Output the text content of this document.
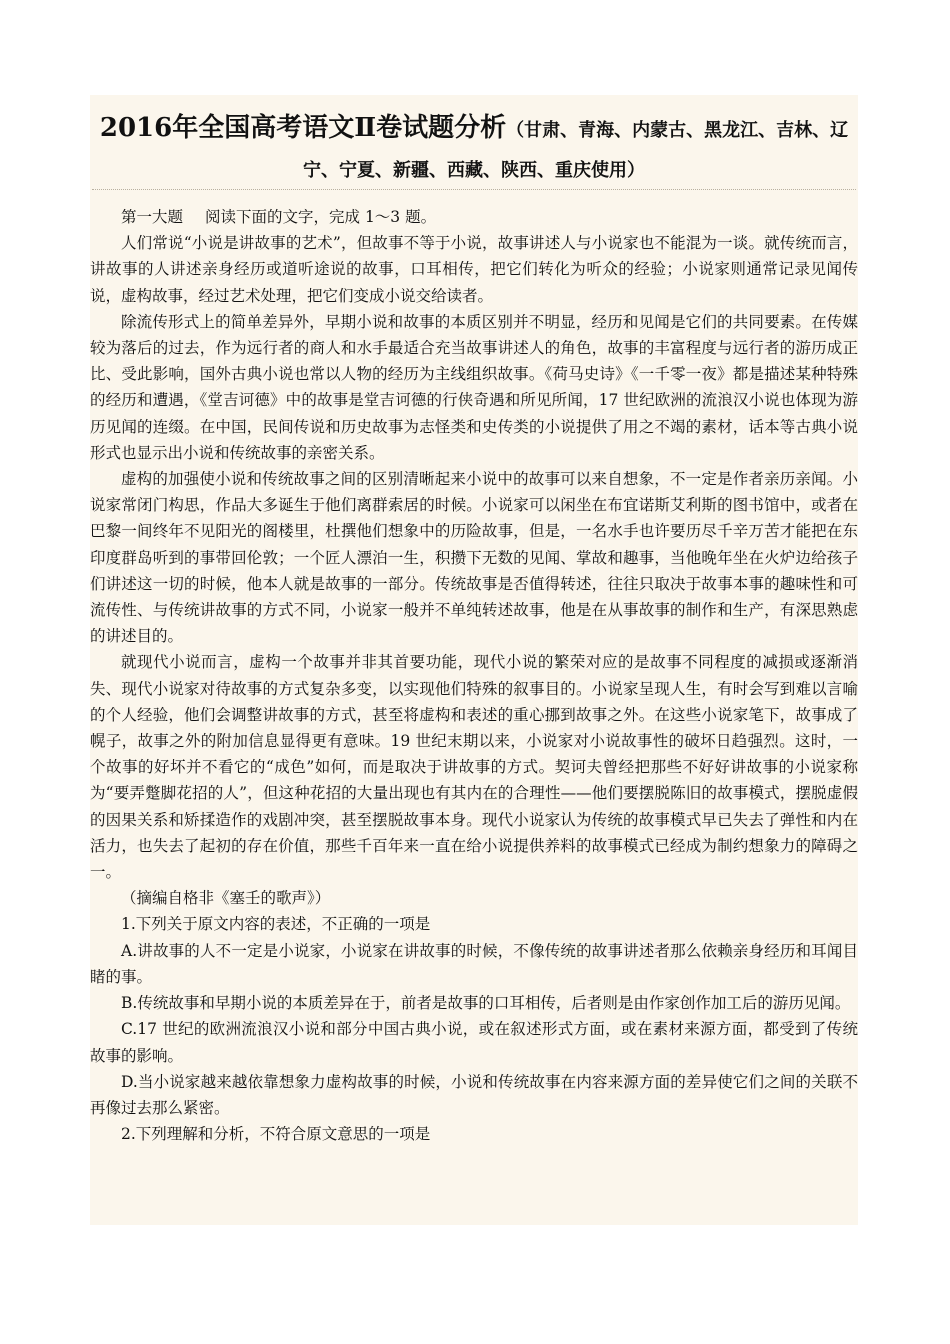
2016年全国高考语文Ⅱ卷试题分析（甘肃、青海、内蒙古、黑龙江、吉林、辽宁、宁夏、新疆、西藏、陕西、重庆使用）

第一大题 阅读下面的文字，完成 1～3 题。

人们常说“小说是讲故事的艺术”，但故事不等于小说，故事讲述人与小说家也不能混为一谈。就传统而言，讲故事的人讲述亲身经历或道听途说的故事，口耳相传，把它们转化为听众的经验；小说家则通常记录见闻传说，虚构故事，经过艺术处理，把它们变成小说交给读者。

除流传形式上的简单差异外，早期小说和故事的本质区别并不明显，经历和见闻是它们的共同要素。在传媒较为落后的过去，作为远行者的商人和水手最适合充当故事讲述人的角色，故事的丰富程度与远行者的游历成正比、受此影响，国外古典小说也常以人物的经历为主线组织故事。《荷马史诗》《一千零一夜》都是描述某种特殊的经历和遭遇，《堂吉诃德》中的故事是堂吉诃德的行侠奇遇和所见所闻，17 世纪欧洲的流浪汉小说也体现为游历见闻的连缀。在中国，民间传说和历史故事为志怪类和史传类的小说提供了用之不竭的素材，话本等古典小说形式也显示出小说和传统故事的亲密关系。

虚构的加强使小说和传统故事之间的区别清晰起来小说中的故事可以来自想象，不一定是作者亲历亲闻。小说家常闭门构思，作品大多诞生于他们离群索居的时候。小说家可以闲坐在布宜诺斯艾利斯的图书馆中，或者在巴黎一间终年不见阳光的阁楼里，杜撰他们想象中的历险故事，但是，一名水手也许要历尽千辛万苦才能把在东印度群岛听到的事带回伦敦；一个匠人漂泊一生，积攒下无数的见闻、掌故和趣事，当他晚年坐在火炉边给孩子们讲述这一切的时候，他本人就是故事的一部分。传统故事是否值得转述，往往只取决于故事本事的趣味性和可流传性、与传统讲故事的方式不同，小说家一般并不单纯转述故事，他是在从事故事的制作和生产，有深思熟虑的讲述目的。

就现代小说而言，虚构一个故事并非其首要功能，现代小说的繁荣对应的是故事不同程度的减损或逐渐消失、现代小说家对待故事的方式复杂多变，以实现他们特殊的叙事目的。小说家呈现人生，有时会写到难以言喻的个人经验，他们会调整讲故事的方式，甚至将虚构和表述的重心挪到故事之外。在这些小说家笔下，故事成了幌子，故事之外的附加信息显得更有意味。19 世纪末期以来，小说家对小说故事性的破坏日趋强烈。这时，一个故事的好坏并不看它的“成色”如何，而是取决于讲故事的方式。契诃夫曾经把那些不好好讲故事的小说家称为“要弄蹩脚花招的人”，但这种花招的大量出现也有其内在的合理性——他们要摆脱陈旧的故事模式，摆脱虚假的因果关系和矫揉造作的戏剧冲突，甚至摆脱故事本身。现代小说家认为传统的故事模式早已失去了弹性和内在活力，也失去了起初的存在价值，那些千百年来一直在给小说提供养料的故事模式已经成为制约想象力的障碍之一。

（摘编自格非《塞壬的歌声》）

1.下列关于原文内容的表述，不正确的一项是

A.讲故事的人不一定是小说家，小说家在讲故事的时候，不像传统的故事讲述者那么依赖亲身经历和耳闻目睹的事。

B.传统故事和早期小说的本质差异在于，前者是故事的口耳相传，后者则是由作家创作加工后的游历见闻。

C.17 世纪的欧洲流浪汉小说和部分中国古典小说，或在叙述形式方面，或在素材来源方面，都受到了传统故事的影响。

D.当小说家越来越依靠想象力虚构故事的时候，小说和传统故事在内容来源方面的差异使它们之间的关联不再像过去那么紧密。

2.下列理解和分析，不符合原文意思的一项是
